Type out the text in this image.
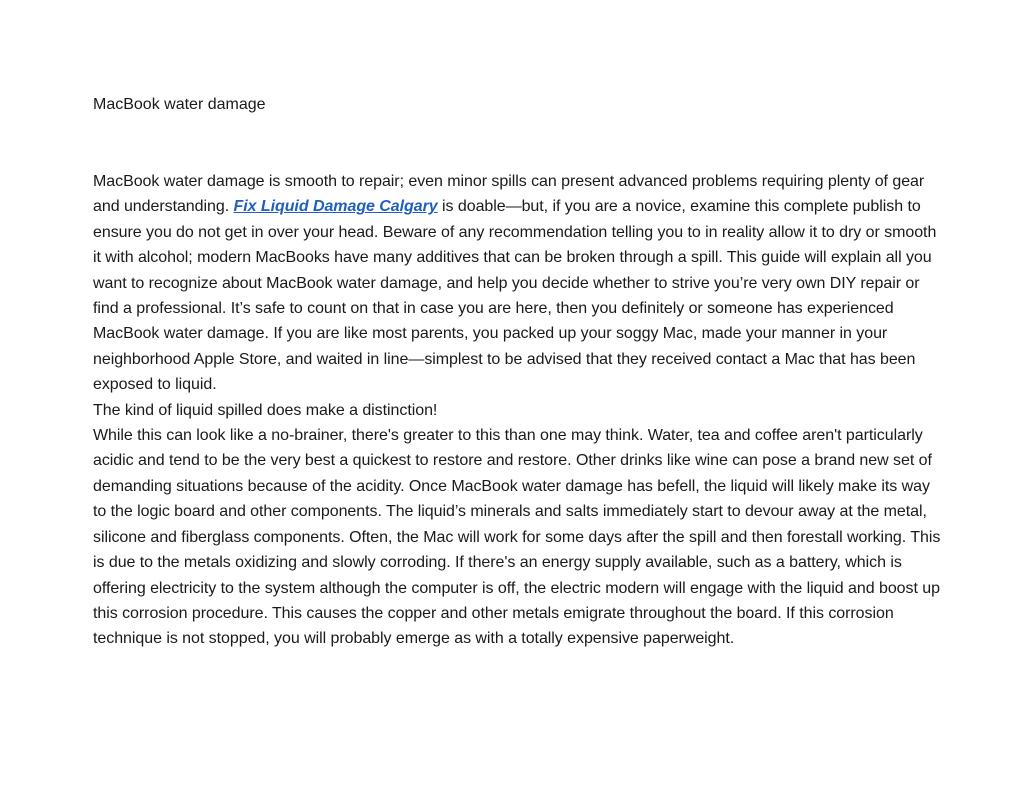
MacBook water damage

MacBook water damage is smooth to repair; even minor spills can present advanced problems requiring plenty of gear and understanding. Fix Liquid Damage Calgary is doable—but, if you are a novice, examine this complete publish to ensure you do not get in over your head. Beware of any recommendation telling you to in reality allow it to dry or smooth it with alcohol; modern MacBooks have many additives that can be broken through a spill. This guide will explain all you want to recognize about MacBook water damage, and help you decide whether to strive you’re very own DIY repair or find a professional. It’s safe to count on that in case you are here, then you definitely or someone has experienced MacBook water damage. If you are like most parents, you packed up your soggy Mac, made your manner in your neighborhood Apple Store, and waited in line—simplest to be advised that they received contact a Mac that has been exposed to liquid.

The kind of liquid spilled does make a distinction!

While this can look like a no-brainer, there's greater to this than one may think. Water, tea and coffee aren't particularly acidic and tend to be the very best a quickest to restore and restore. Other drinks like wine can pose a brand new set of demanding situations because of the acidity. Once MacBook water damage has befell, the liquid will likely make its way to the logic board and other components. The liquid’s minerals and salts immediately start to devour away at the metal, silicone and fiberglass components. Often, the Mac will work for some days after the spill and then forestall working. This is due to the metals oxidizing and slowly corroding. If there's an energy supply available, such as a battery, which is offering electricity to the system although the computer is off, the electric modern will engage with the liquid and boost up this corrosion procedure. This causes the copper and other metals emigrate throughout the board. If this corrosion technique is not stopped, you will probably emerge as with a totally expensive paperweight.
